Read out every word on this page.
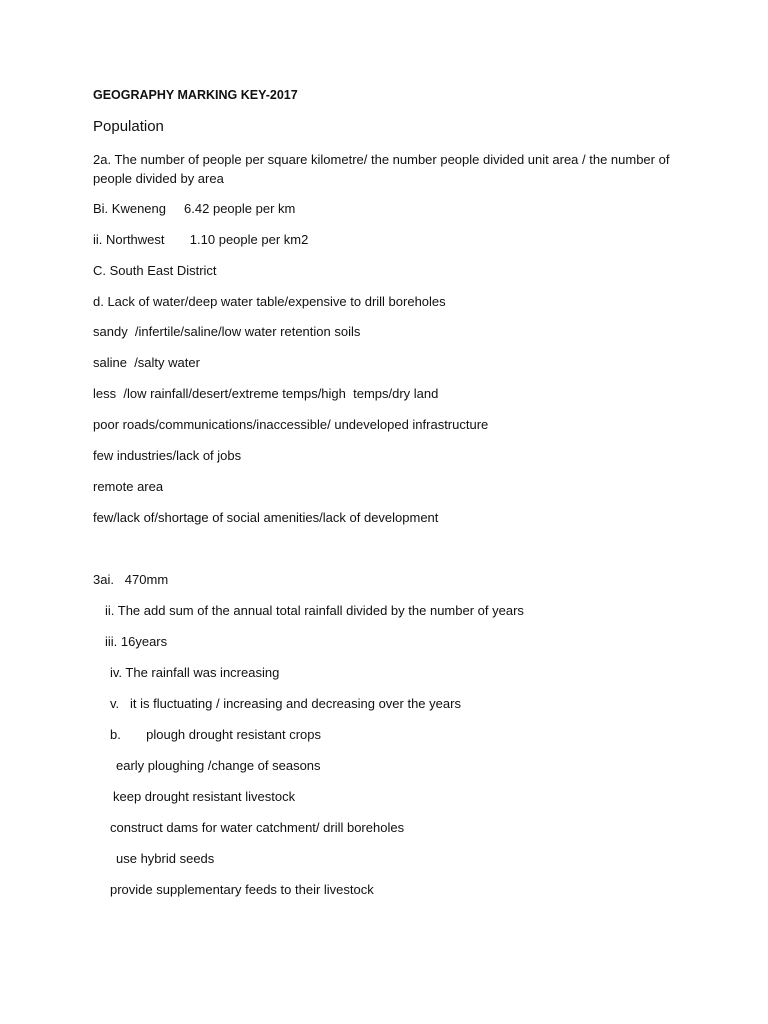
GEOGRAPHY MARKING KEY-2017
Population
2a. The number of people per square kilometre/ the number people divided unit area / the number of people divided by area
Bi. Kweneng     6.42 people per km
ii. Northwest       1.10 people per km2
C. South East District
d. Lack of water/deep water table/expensive to drill boreholes
sandy  /infertile/saline/low water retention soils
saline  /salty water
less  /low rainfall/desert/extreme temps/high  temps/dry land
poor roads/communications/inaccessible/ undeveloped infrastructure
few industries/lack of jobs
remote area
few/lack of/shortage of social amenities/lack of development
3ai.   470mm
ii. The add sum of the annual total rainfall divided by the number of years
iii. 16years
iv. The rainfall was increasing
v.   it is fluctuating / increasing and decreasing over the years
b.       plough drought resistant crops
early ploughing /change of seasons
keep drought resistant livestock
construct dams for water catchment/ drill boreholes
use hybrid seeds
provide supplementary feeds to their livestock
